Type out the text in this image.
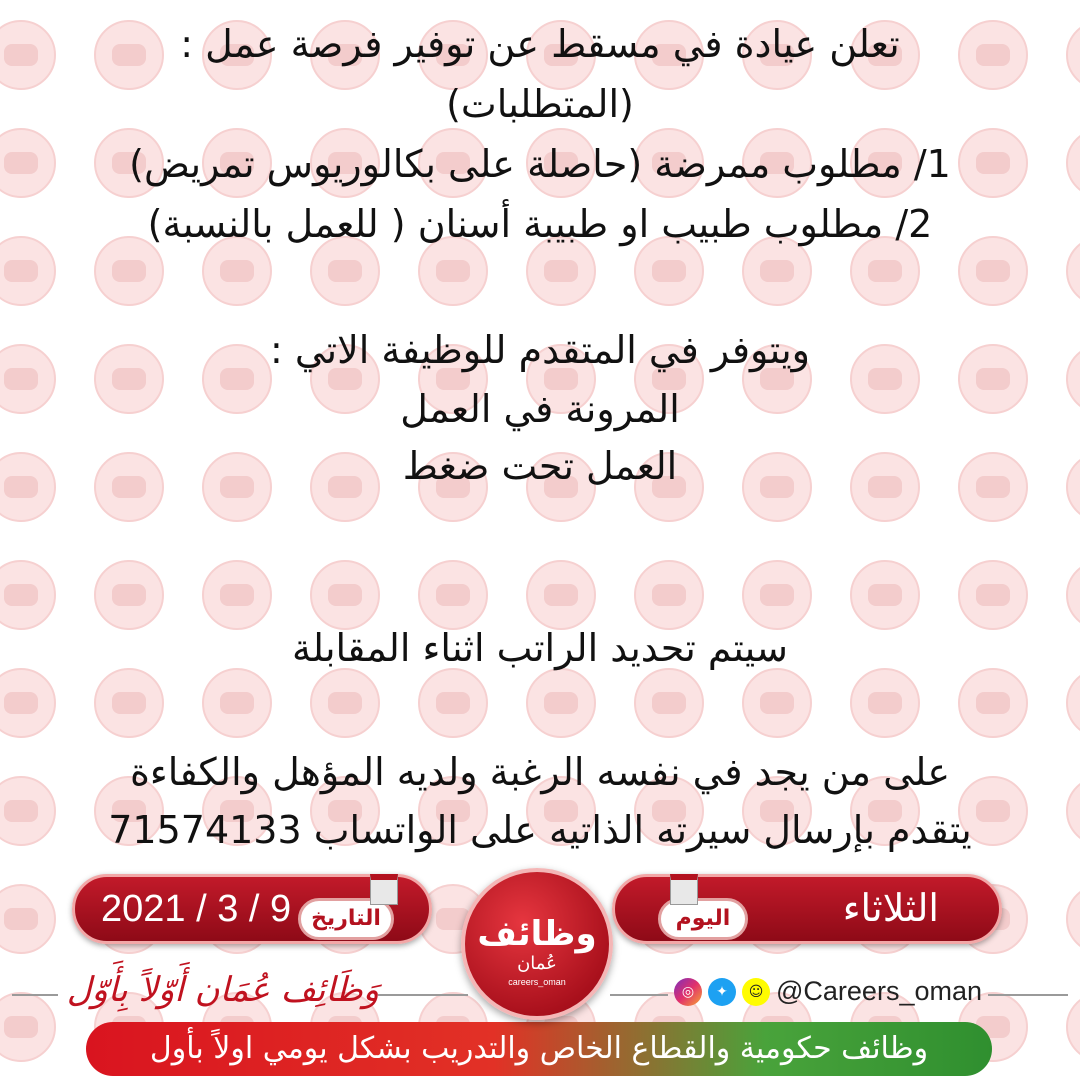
تعلن عيادة في مسقط عن توفير فرصة عمل :
(المتطلبات)
1/ مطلوب ممرضة (حاصلة على بكالوريوس تمريض)
2/ مطلوب طبيب او طبيبة أسنان ( للعمل بالنسبة)
ويتوفر في المتقدم للوظيفة الاتي :
المرونة في العمل
العمل تحت ضغط
سيتم تحديد الراتب اثناء المقابلة
على من يجد في نفسه الرغبة ولديه المؤهل والكفاءة
يتقدم بإرسال سيرته الذاتيه على الواتساب 71574133
2021 / 3 / 9 التاريخ	الثلاثاء
اليوم
وظائف
عُمان
careers_oman
وَظَائِف عُمَان أَوّلاً بِأَوّل	◎	✦	☺ @Careers_oman
وظائف حكومية والقطاع الخاص والتدريب بشكل يومي اولاً بأول
